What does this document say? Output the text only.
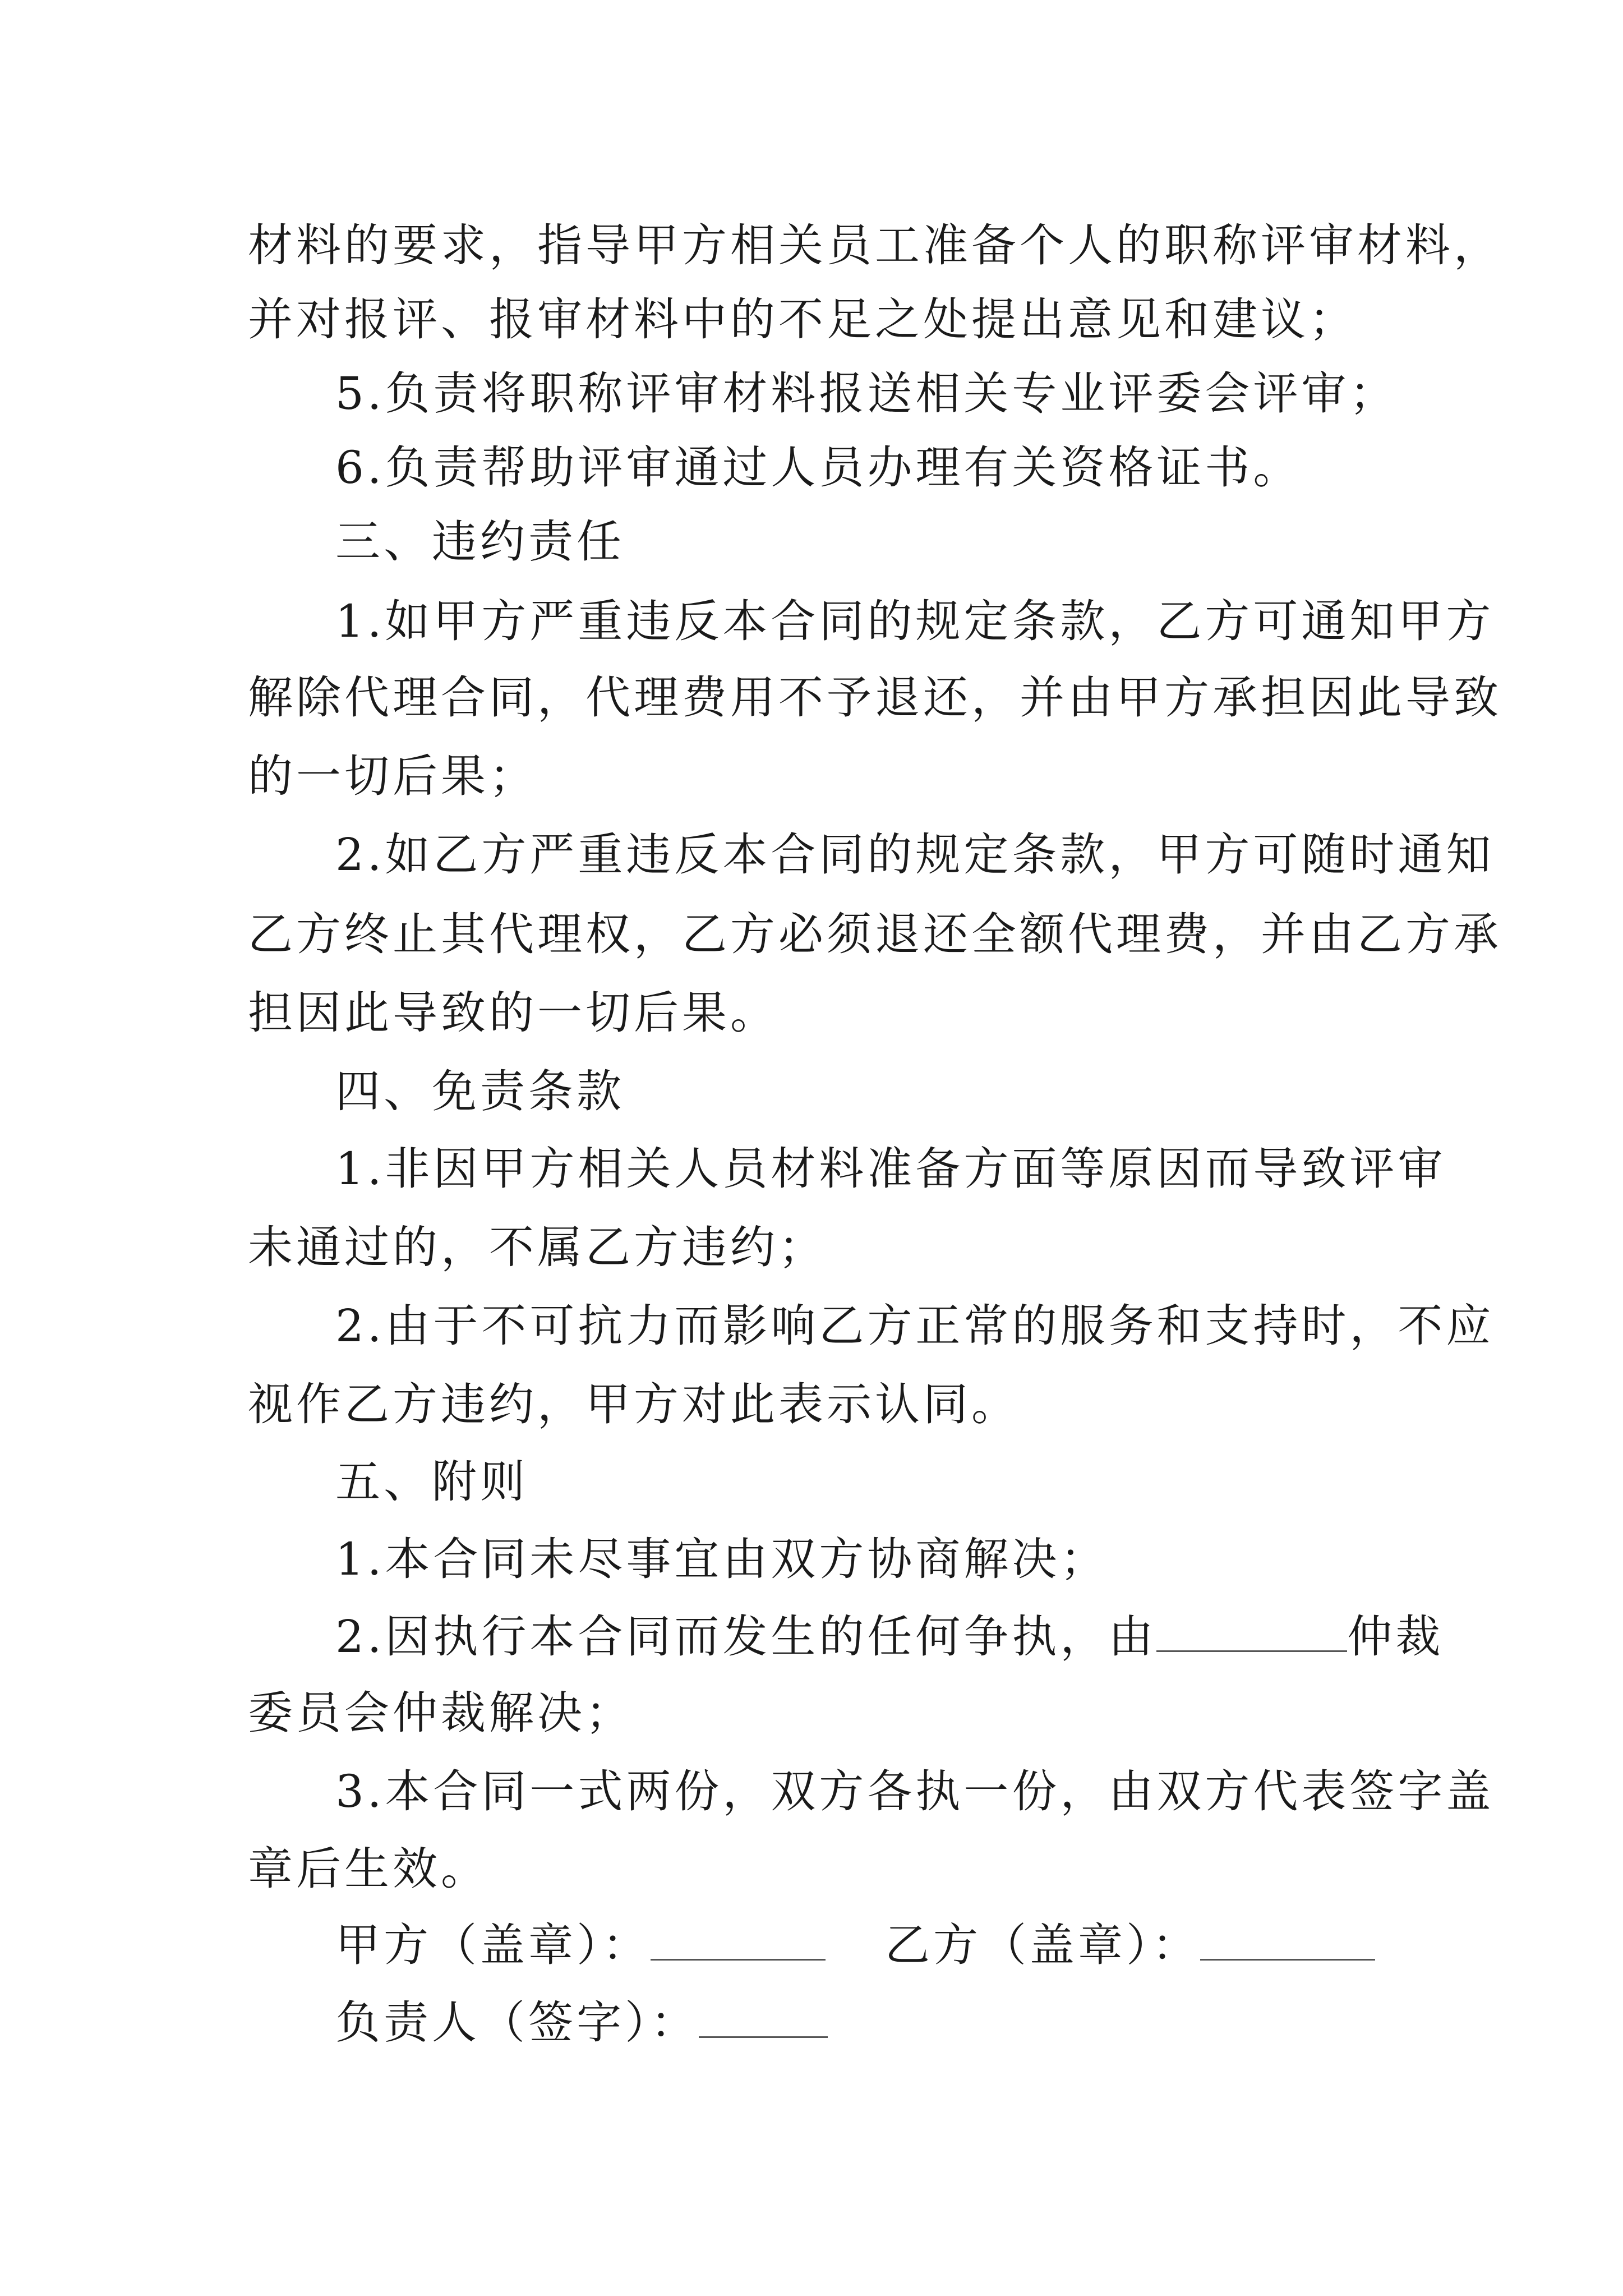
材料的要求，指导甲方相关员工准备个人的职称评审材料，
并对报评、报审材料中的不足之处提出意见和建议；
5.负责将职称评审材料报送相关专业评委会评审；
6.负责帮助评审通过人员办理有关资格证书。
三、违约责任
1.如甲方严重违反本合同的规定条款，乙方可通知甲方
解除代理合同，代理费用不予退还，并由甲方承担因此导致
的一切后果；
2.如乙方严重违反本合同的规定条款，甲方可随时通知
乙方终止其代理权，乙方必须退还全额代理费，并由乙方承
担因此导致的一切后果。
四、免责条款
1.非因甲方相关人员材料准备方面等原因而导致评审
未通过的，不属乙方违约；
2.由于不可抗力而影响乙方正常的服务和支持时，不应
视作乙方违约，甲方对此表示认同。
五、附则
1.本合同未尽事宜由双方协商解决；
2.因执行本合同而发生的任何争执，由	仲裁
委员会仲裁解决；
3.本合同一式两份，双方各执一份，由双方代表签字盖
章后生效。
甲方（盖章）：	乙方（盖章）：
负责人（签字）：
